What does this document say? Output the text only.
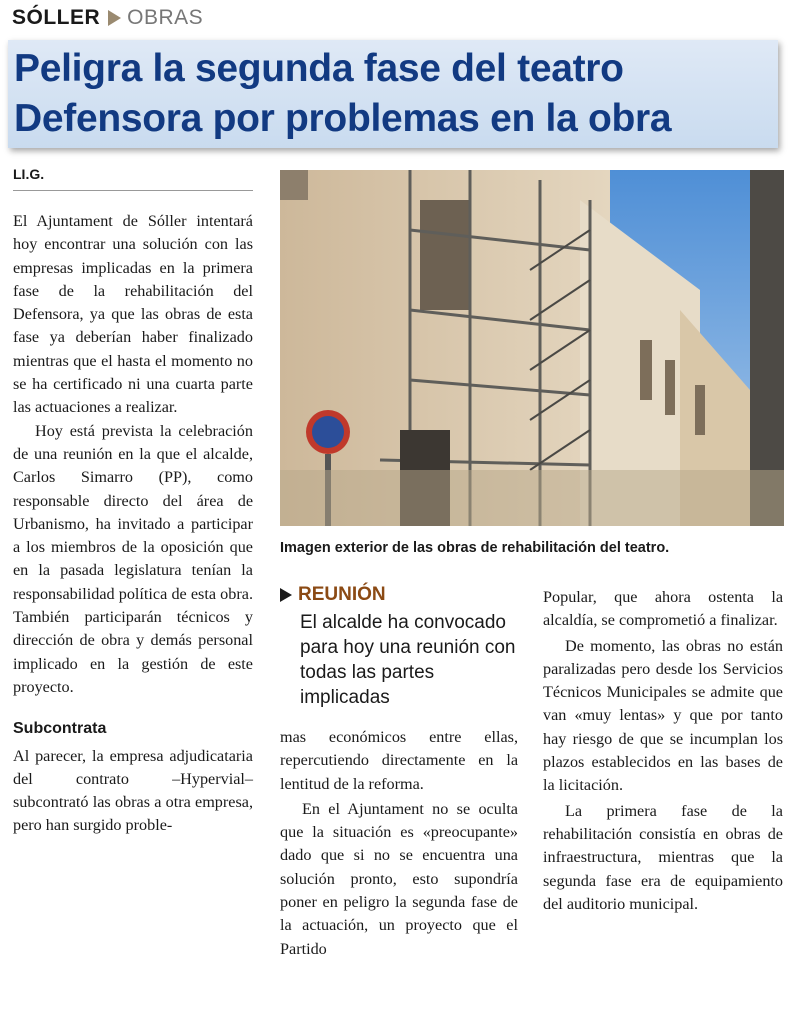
SÓLLER OBRAS
Peligra la segunda fase del teatro
Defensora por problemas en la obra
LI.G.

El Ajuntament de Sóller intentará hoy encontrar una solución con las empresas implicadas en la primera fase de la rehabilitación del Defensora, ya que las obras de esta fase ya deberían haber finalizado mientras que el hasta el momento no se ha certificado ni una cuarta parte las actuaciones a realizar.

Hoy está prevista la celebración de una reunión en la que el alcalde, Carlos Simarro (PP), como responsable directo del área de Urbanismo, ha invitado a participar a los miembros de la oposición que en la pasada legislatura tenían la responsabilidad política de esta obra. También participarán técnicos y dirección de obra y demás personal implicado en la gestión de este proyecto.

Subcontrata

Al parecer, la empresa adjudicataria del contrato –Hypervial– subcontrató las obras a otra empresa, pero han surgido proble-

Imagen exterior de las obras de rehabilitación del teatro.
REUNIÓN
El alcalde ha convocado para hoy una reunión con todas las partes implicadas

mas económicos entre ellas, repercutiendo directamente en la lentitud de la reforma.

En el Ajuntament no se oculta que la situación es «preocupante» dado que si no se encuentra una solución pronto, esto supondría poner en peligro la segunda fase de la actuación, un proyecto que el Partido

Popular, que ahora ostenta la alcaldía, se comprometió a finalizar.

De momento, las obras no están paralizadas pero desde los Servicios Técnicos Municipales se admite que van «muy lentas» y que por tanto hay riesgo de que se incumplan los plazos establecidos en las bases de la licitación.

La primera fase de la rehabilitación consistía en obras de infraestructura, mientras que la segunda fase era de equipamiento del auditorio municipal.
